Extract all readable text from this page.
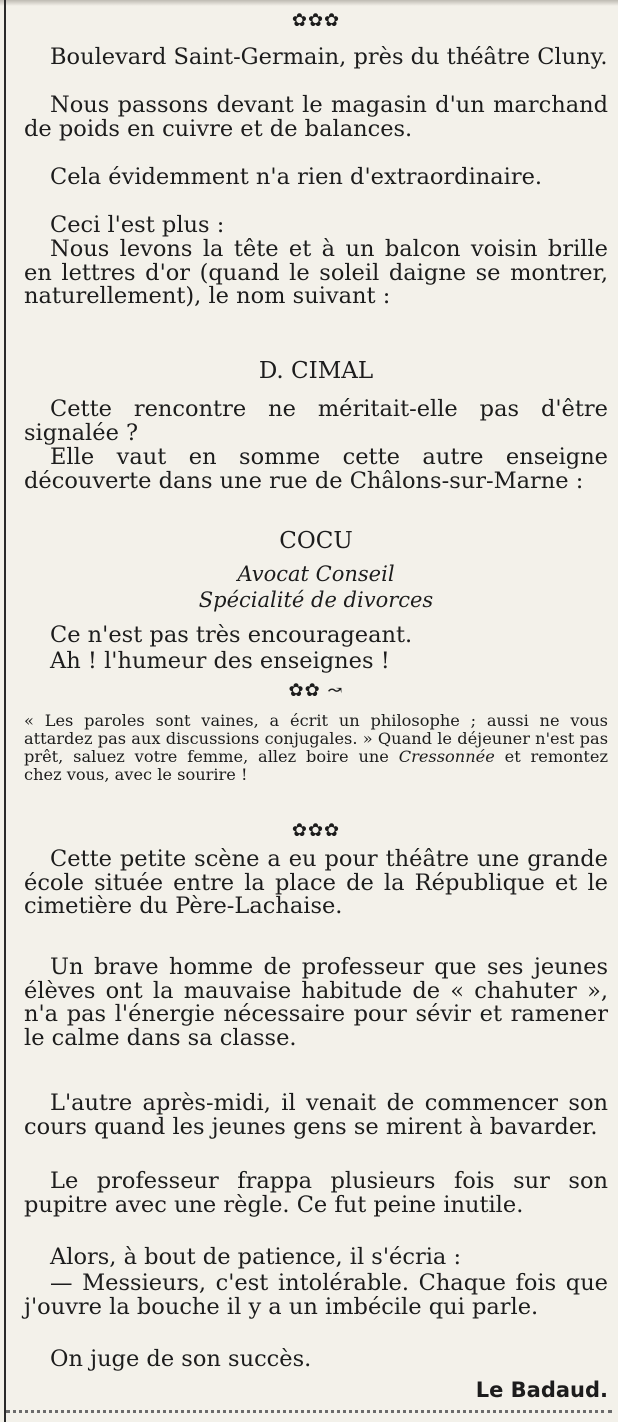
✿✿✿

Boulevard Saint-Germain, près du théâtre Cluny.

Nous passons devant le magasin d'un marchand de poids en cuivre et de balances.

Cela évidemment n'a rien d'extraordinaire.

Ceci l'est plus :

Nous levons la tête et à un balcon voisin brille en lettres d'or (quand le soleil daigne se montrer, naturellement), le nom suivant :

D. CIMAL

Cette rencontre ne méritait-elle pas d'être signalée ?

Elle vaut en somme cette autre enseigne découverte dans une rue de Châlons-sur-Marne :

COCU

Avocat Conseil

Spécialité de divorces

Ce n'est pas très encourageant.

Ah ! l'humeur des enseignes !

✿✿ ↝

« Les paroles sont vaines, a écrit un philosophe ; aussi ne vous attardez pas aux discussions conjugales. » Quand le déjeuner n'est pas prêt, saluez votre femme, allez boire une Cressonnée et remontez chez vous, avec le sourire !

✿✿✿

Cette petite scène a eu pour théâtre une grande école située entre la place de la République et le cimetière du Père-Lachaise.

Un brave homme de professeur que ses jeunes élèves ont la mauvaise habitude de « chahuter », n'a pas l'énergie nécessaire pour sévir et ramener le calme dans sa classe.

L'autre après-midi, il venait de commencer son cours quand les jeunes gens se mirent à bavarder.

Le professeur frappa plusieurs fois sur son pupitre avec une règle. Ce fut peine inutile.

Alors, à bout de patience, il s'écria :

— Messieurs, c'est intolérable. Chaque fois que j'ouvre la bouche il y a un imbécile qui parle.

On juge de son succès.

Le Badaud.
